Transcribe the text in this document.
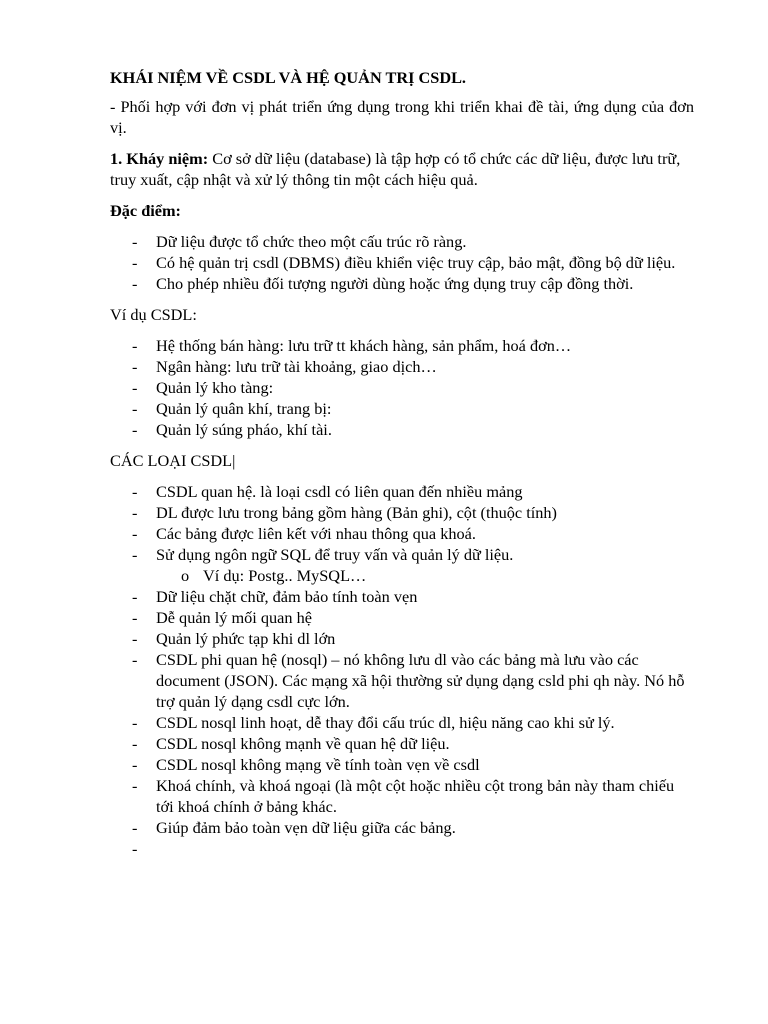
KHÁI NIỆM VỀ CSDL VÀ HỆ QUẢN TRỊ CSDL.

- Phối hợp với đơn vị phát triển ứng dụng trong khi triển khai đề tài, ứng dụng của đơn vị.

1. Kháy niệm: Cơ sở dữ liệu (database) là tập hợp có tổ chức các dữ liệu, được lưu trữ, truy xuất, cập nhật và xử lý thông tin một cách hiệu quả.

Đặc điểm:

- Dữ liệu được tổ chức theo một cấu trúc rõ ràng.
- Có hệ quản trị csdl (DBMS) điều khiển việc truy cập, bảo mật, đồng bộ dữ liệu.
- Cho phép nhiều đối tượng người dùng hoặc ứng dụng truy cập đồng thời.

Ví dụ CSDL:

- Hệ thống bán hàng: lưu trữ tt khách hàng, sản phẩm, hoá đơn…
- Ngân hàng: lưu trữ tài khoảng, giao dịch…
- Quản lý kho tàng:
- Quản lý quân khí, trang bị:
- Quản lý súng pháo, khí tài.

CÁC LOẠI CSDL|

- CSDL quan hệ. là loại csdl có liên quan đến nhiều mảng
- DL được lưu trong bảng gồm hàng (Bản ghi), cột (thuộc tính)
- Các bảng được liên kết với nhau thông qua khoá.
- Sử dụng ngôn ngữ SQL để truy vấn và quản lý dữ liệu.
o Ví dụ: Postg.. MySQL…
- Dữ liệu chặt chữ, đảm bảo tính toàn vẹn
- Dễ quản lý mối quan hệ
- Quản lý phức tạp khi dl lớn
- CSDL phi quan hệ (nosql) – nó không lưu dl vào các bảng mà lưu vào các document (JSON). Các mạng xã hội thường sử dụng dạng csld phi qh này. Nó hỗ trợ quản lý dạng csdl cực lớn.
- CSDL nosql linh hoạt, dễ thay đổi cấu trúc dl, hiệu năng cao khi sử lý.
- CSDL nosql không mạnh về quan hệ dữ liệu.
- CSDL nosql không mạng về tính toàn vẹn về csdl
- Khoá chính, và khoá ngoại (là một cột hoặc nhiều cột trong bản này tham chiếu tới khoá chính ở bảng khác.
- Giúp đảm bảo toàn vẹn dữ liệu giữa các bảng.
-
